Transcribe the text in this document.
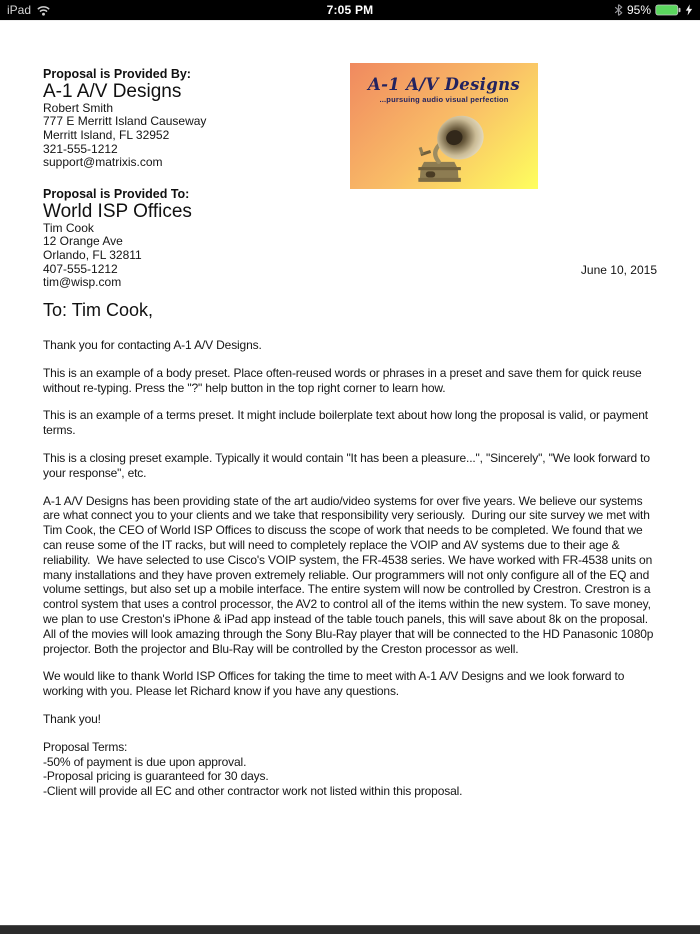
iPad	7:05 PM	95%
Proposal is Provided By:
A-1 A/V Designs
Robert Smith
777 E Merritt Island Causeway
Merritt Island, FL 32952
321-555-1212
support@matrixis.com
A-1 A/V Designs
...pursuing audio visual perfection
Proposal is Provided To:
World ISP Offices
Tim Cook
12 Orange Ave
Orlando, FL 32811
407-555-1212
tim@wisp.com
June 10, 2015
To: Tim Cook,
Thank you for contacting A-1 A/V Designs.
This is an example of a body preset. Place often-reused words or phrases in a preset and save them for quick reuse without re-typing. Press the "?" help button in the top right corner to learn how.
This is an example of a terms preset. It might include boilerplate text about how long the proposal is valid, or payment terms.
This is a closing preset example. Typically it would contain "It has been a pleasure...", "Sincerely", "We look forward to your response", etc.
A-1 A/V Designs has been providing state of the art audio/video systems for over five years. We believe our systems are what connect you to your clients and we take that responsibility very seriously.  During our site survey we met with Tim Cook, the CEO of World ISP Offices to discuss the scope of work that needs to be completed. We found that we can reuse some of the IT racks, but will need to completely replace the VOIP and AV systems due to their age & reliability.  We have selected to use Cisco's VOIP system, the FR-4538 series. We have worked with FR-4538 units on many installations and they have proven extremely reliable. Our programmers will not only configure all of the EQ and volume settings, but also set up a mobile interface. The entire system will now be controlled by Crestron. Crestron is a control system that uses a control processor, the AV2 to control all of the items within the new system. To save money, we plan to use Creston's iPhone & iPad app instead of the table touch panels, this will save about 8k on the proposal. All of the movies will look amazing through the Sony Blu-Ray player that will be connected to the HD Panasonic 1080p projector. Both the projector and Blu-Ray will be controlled by the Creston processor as well.
We would like to thank World ISP Offices for taking the time to meet with A-1 A/V Designs and we look forward to working with you. Please let Richard know if you have any questions.
Thank you!
Proposal Terms:
-50% of payment is due upon approval.
-Proposal pricing is guaranteed for 30 days.
-Client will provide all EC and other contractor work not listed within this proposal.
